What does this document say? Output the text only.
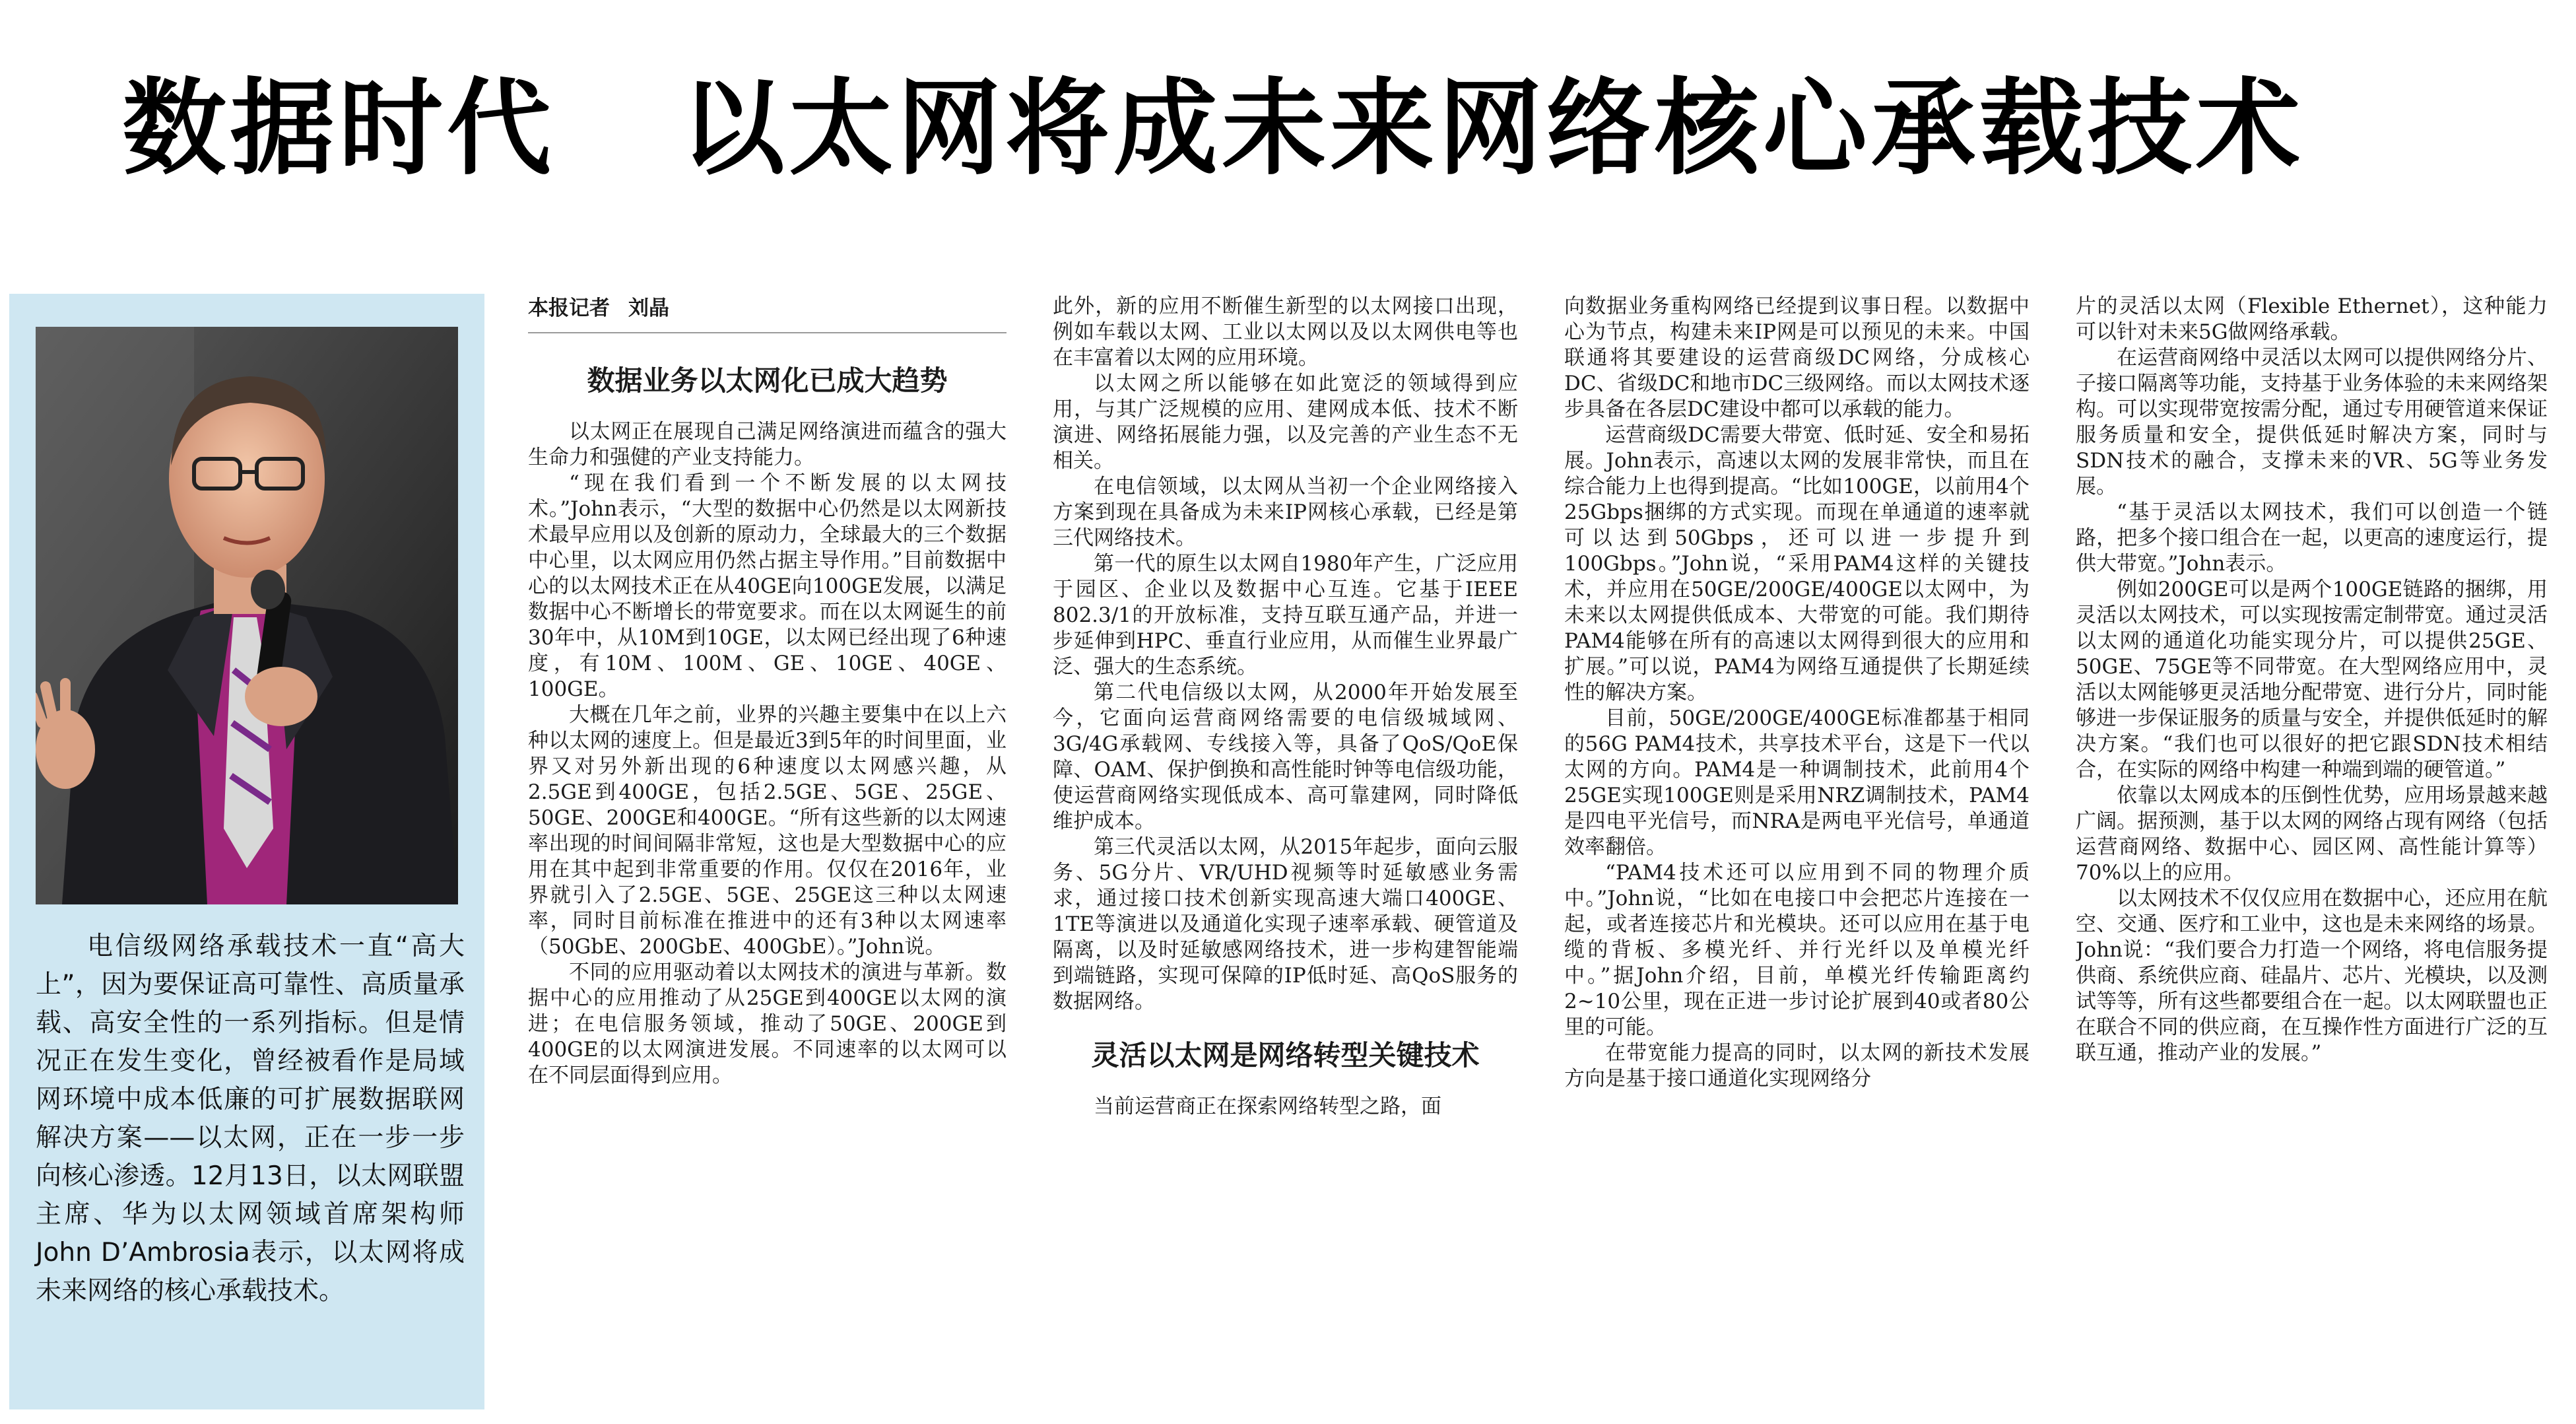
数据时代 以太网将成未来网络核心承载技术
电信级网络承载技术一直“高大上”，因为要保证高可靠性、高质量承载、高安全性的一系列指标。但是情况正在发生变化，曾经被看作是局域网环境中成本低廉的可扩展数据联网解决方案——以太网，正在一步一步向核心渗透。12月13日，以太网联盟主席、华为以太网领域首席架构师John D’Ambrosia表示，以太网将成未来网络的核心承载技术。
本报记者 刘晶
数据业务以太网化已成大趋势

以太网正在展现自己满足网络演进而蕴含的强大生命力和强健的产业支持能力。

“现在我们看到一个不断发展的以太网技术。”John表示，“大型的数据中心仍然是以太网新技术最早应用以及创新的原动力，全球最大的三个数据中心里，以太网应用仍然占据主导作用。”目前数据中心的以太网技术正在从40GE向100GE发展，以满足数据中心不断增长的带宽要求。而在以太网诞生的前30年中，从10M到10GE，以太网已经出现了6种速度，有10M、100M、GE、10GE、40GE、100GE。

大概在几年之前，业界的兴趣主要集中在以上六种以太网的速度上。但是最近3到5年的时间里面，业界又对另外新出现的6种速度以太网感兴趣，从2.5GE到400GE，包括2.5GE、5GE、25GE、50GE、200GE和400GE。“所有这些新的以太网速率出现的时间间隔非常短，这也是大型数据中心的应用在其中起到非常重要的作用。仅仅在2016年，业界就引入了2.5GE、5GE、25GE这三种以太网速率，同时目前标准在推进中的还有3种以太网速率（50GbE、200GbE、400GbE）。”John说。

不同的应用驱动着以太网技术的演进与革新。数据中心的应用推动了从25GE到400GE以太网的演进；在电信服务领域，推动了50GE、200GE到400GE的以太网演进发展。不同速率的以太网可以在不同层面得到应用。

此外，新的应用不断催生新型的以太网接口出现，例如车载以太网、工业以太网以及以太网供电等也在丰富着以太网的应用环境。

以太网之所以能够在如此宽泛的领域得到应用，与其广泛规模的应用、建网成本低、技术不断演进、网络拓展能力强，以及完善的产业生态不无相关。

在电信领域，以太网从当初一个企业网络接入方案到现在具备成为未来IP网核心承载，已经是第三代网络技术。

第一代的原生以太网自1980年产生，广泛应用于园区、企业以及数据中心互连。它基于IEEE 802.3/1的开放标准，支持互联互通产品，并进一步延伸到HPC、垂直行业应用，从而催生业界最广泛、强大的生态系统。

第二代电信级以太网，从2000年开始发展至今，它面向运营商网络需要的电信级城域网、3G/4G承载网、专线接入等，具备了QoS/QoE保障、OAM、保护倒换和高性能时钟等电信级功能，使运营商网络实现低成本、高可靠建网，同时降低维护成本。

第三代灵活以太网，从2015年起步，面向云服务、5G分片、VR/UHD视频等时延敏感业务需求，通过接口技术创新实现高速大端口400GE、1TE等演进以及通道化实现子速率承载、硬管道及隔离，以及时延敏感网络技术，进一步构建智能端到端链路，实现可保障的IP低时延、高QoS服务的数据网络。

灵活以太网是网络转型关键技术

当前运营商正在探索网络转型之路，面

向数据业务重构网络已经提到议事日程。以数据中心为节点，构建未来IP网是可以预见的未来。中国联通将其要建设的运营商级DC网络，分成核心DC、省级DC和地市DC三级网络。而以太网技术逐步具备在各层DC建设中都可以承载的能力。

运营商级DC需要大带宽、低时延、安全和易拓展。John表示，高速以太网的发展非常快，而且在综合能力上也得到提高。“比如100GE，以前用4个25Gbps捆绑的方式实现。而现在单通道的速率就可以达到50Gbps，还可以进一步提升到100Gbps。”John说，“采用PAM4这样的关键技术，并应用在50GE/200GE/400GE以太网中，为未来以太网提供低成本、大带宽的可能。我们期待PAM4能够在所有的高速以太网得到很大的应用和扩展。”可以说，PAM4为网络互通提供了长期延续性的解决方案。

目前，50GE/200GE/400GE标准都基于相同的56G PAM4技术，共享技术平台，这是下一代以太网的方向。PAM4是一种调制技术，此前用4个25GE实现100GE则是采用NRZ调制技术，PAM4是四电平光信号，而NRA是两电平光信号，单通道效率翻倍。

“PAM4技术还可以应用到不同的物理介质中。”John说，“比如在电接口中会把芯片连接在一起，或者连接芯片和光模块。还可以应用在基于电缆的背板、多模光纤、并行光纤以及单模光纤中。”据John介绍，目前，单模光纤传输距离约2~10公里，现在正进一步讨论扩展到40或者80公里的可能。

在带宽能力提高的同时，以太网的新技术发展方向是基于接口通道化实现网络分

片的灵活以太网（Flexible Ethernet），这种能力可以针对未来5G做网络承载。

在运营商网络中灵活以太网可以提供网络分片、子接口隔离等功能，支持基于业务体验的未来网络架构。可以实现带宽按需分配，通过专用硬管道来保证服务质量和安全，提供低延时解决方案，同时与SDN技术的融合，支撑未来的VR、5G等业务发展。

“基于灵活以太网技术，我们可以创造一个链路，把多个接口组合在一起，以更高的速度运行，提供大带宽。”John表示。

例如200GE可以是两个100GE链路的捆绑，用灵活以太网技术，可以实现按需定制带宽。通过灵活以太网的通道化功能实现分片，可以提供25GE、50GE、75GE等不同带宽。在大型网络应用中，灵活以太网能够更灵活地分配带宽、进行分片，同时能够进一步保证服务的质量与安全，并提供低延时的解决方案。“我们也可以很好的把它跟SDN技术相结合，在实际的网络中构建一种端到端的硬管道。”

依靠以太网成本的压倒性优势，应用场景越来越广阔。据预测，基于以太网的网络占现有网络（包括运营商网络、数据中心、园区网、高性能计算等）70%以上的应用。

以太网技术不仅仅应用在数据中心，还应用在航空、交通、医疗和工业中，这也是未来网络的场景。John说：“我们要合力打造一个网络，将电信服务提供商、系统供应商、硅晶片、芯片、光模块，以及测试等等，所有这些都要组合在一起。以太网联盟也正在联合不同的供应商，在互操作性方面进行广泛的互联互通，推动产业的发展。”
